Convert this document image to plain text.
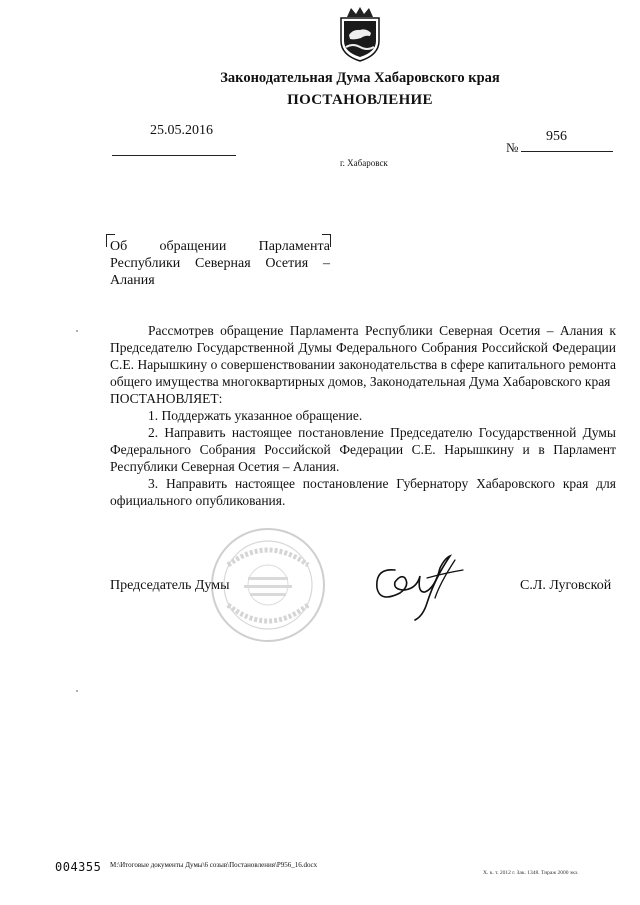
Законодательная Дума Хабаровского края
ПОСТАНОВЛЕНИЕ
25.05.2016	956
№
г. Хабаровск
Об обращении Парламента Республики Северная Осетия – Алания

Рассмотрев обращение Парламента Республики Северная Осетия – Алания к Председателю Государственной Думы Федерального Собрания Российской Федерации С.Е. Нарышкину о совершенствовании законодательства в сфере капитального ремонта общего имущества многоквартирных домов, Законодательная Дума Хабаровского края

ПОСТАНОВЛЯЕТ:

1. Поддержать указанное обращение.

2. Направить настоящее постановление Председателю Государственной Думы Федерального Собрания Российской Федерации С.Е. Нарышкину и в Парламент Республики Северная Осетия – Алания.

3. Направить настоящее постановление Губернатору Хабаровского края для официального опубликования.

Председатель Думы	С.Л. Луговской
004355 M:\Итоговые документы Думы\6 созыв\Постановления\P956_16.docx
Х. к. т. 2012 г. Зак. 1348. Тираж 2000 экз.
